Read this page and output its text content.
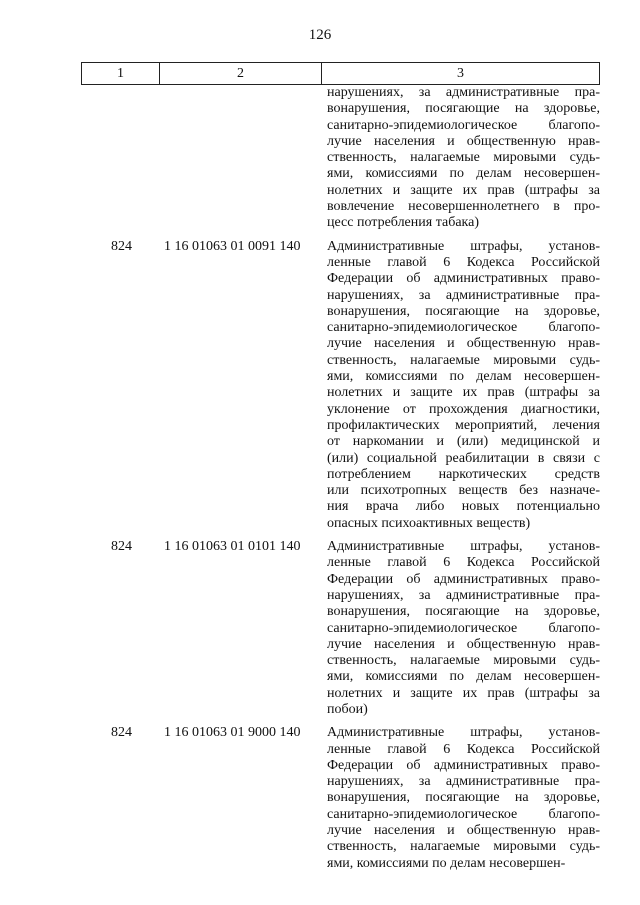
126
1	2	3
нарушениях, за административные пра-
вонарушения, посягающие на здоровье,
санитарно-эпидемиологическое благопо-
лучие населения и общественную нрав-
ственность, налагаемые мировыми судь-
ями, комиссиями по делам несовершен-
нолетних и защите их прав (штрафы за
вовлечение несовершеннолетнего в про-
цесс потребления табака)
824	1 16 01063 01 0091 140	Административные штрафы, установ-
ленные главой 6 Кодекса Российской
Федерации об административных право-
нарушениях, за административные пра-
вонарушения, посягающие на здоровье,
санитарно-эпидемиологическое благопо-
лучие населения и общественную нрав-
ственность, налагаемые мировыми судь-
ями, комиссиями по делам несовершен-
нолетних и защите их прав (штрафы за
уклонение от прохождения диагностики,
профилактических мероприятий, лечения
от наркомании и (или) медицинской и
(или) социальной реабилитации в связи с
потреблением наркотических средств
или психотропных веществ без назначе-
ния врача либо новых потенциально
опасных психоактивных веществ)
824	1 16 01063 01 0101 140	Административные штрафы, установ-
ленные главой 6 Кодекса Российской
Федерации об административных право-
нарушениях, за административные пра-
вонарушения, посягающие на здоровье,
санитарно-эпидемиологическое благопо-
лучие населения и общественную нрав-
ственность, налагаемые мировыми судь-
ями, комиссиями по делам несовершен-
нолетних и защите их прав (штрафы за
побои)
824	1 16 01063 01 9000 140	Административные штрафы, установ-
ленные главой 6 Кодекса Российской
Федерации об административных право-
нарушениях, за административные пра-
вонарушения, посягающие на здоровье,
санитарно-эпидемиологическое благопо-
лучие населения и общественную нрав-
ственность, налагаемые мировыми судь-
ями, комиссиями по делам несовершен-
